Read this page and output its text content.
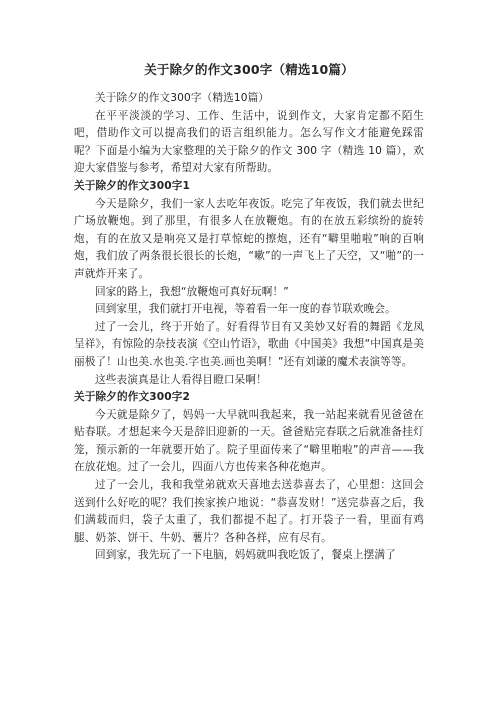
关于除夕的作文300字（精选10篇）

关于除夕的作文300字（精选10篇）

在平平淡淡的学习、工作、生活中，说到作文，大家肯定都不陌生吧，借助作文可以提高我们的语言组织能力。怎么写作文才能避免踩雷呢？下面是小编为大家整理的关于除夕的作文 300 字（精选 10 篇），欢迎大家借鉴与参考，希望对大家有所帮助。

关于除夕的作文300字1

今天是除夕，我们一家人去吃年夜饭。吃完了年夜饭，我们就去世纪广场放鞭炮。到了那里，有很多人在放鞭炮。有的在放五彩缤纷的旋转炮，有的在放又是响亮又是打草惊蛇的擦炮，还有“噼里啪啦”响的百响炮，我们放了两条很长很长的长炮，“嗽”的一声飞上了天空，又“啪”的一声就炸开来了。

回家的路上，我想“放鞭炮可真好玩啊！”

回到家里，我们就打开电视，等着看一年一度的春节联欢晚会。

过了一会儿，终于开始了。好看得节目有又美妙又好看的舞蹈《龙凤呈祥》，有惊险的杂技表演《空山竹语》，歌曲《中国美》我想“中国真是美丽极了！山也美.水也美.字也美.画也美啊！”还有刘谦的魔术表演等等。

这些表演真是让人看得目瞪口呆啊！

关于除夕的作文300字2

今天就是除夕了，妈妈一大早就叫我起来，我一站起来就看见爸爸在贴春联。才想起来今天是辞旧迎新的一天。爸爸贴完春联之后就准备挂灯笼，预示新的一年就要开始了。院子里面传来了“噼里啪啦”的声音——我在放花炮。过了一会儿，四面八方也传来各种花炮声。

过了一会儿，我和我堂弟就欢天喜地去送恭喜去了，心里想：这回会送到什么好吃的呢？我们挨家挨户地说：“恭喜发财！”送完恭喜之后，我们满载而归，袋子太重了，我们都提不起了。打开袋子一看，里面有鸡腿、奶茶、饼干、牛奶、薯片？各种各样，应有尽有。

回到家，我先玩了一下电脑，妈妈就叫我吃饭了，餐桌上摆满了
